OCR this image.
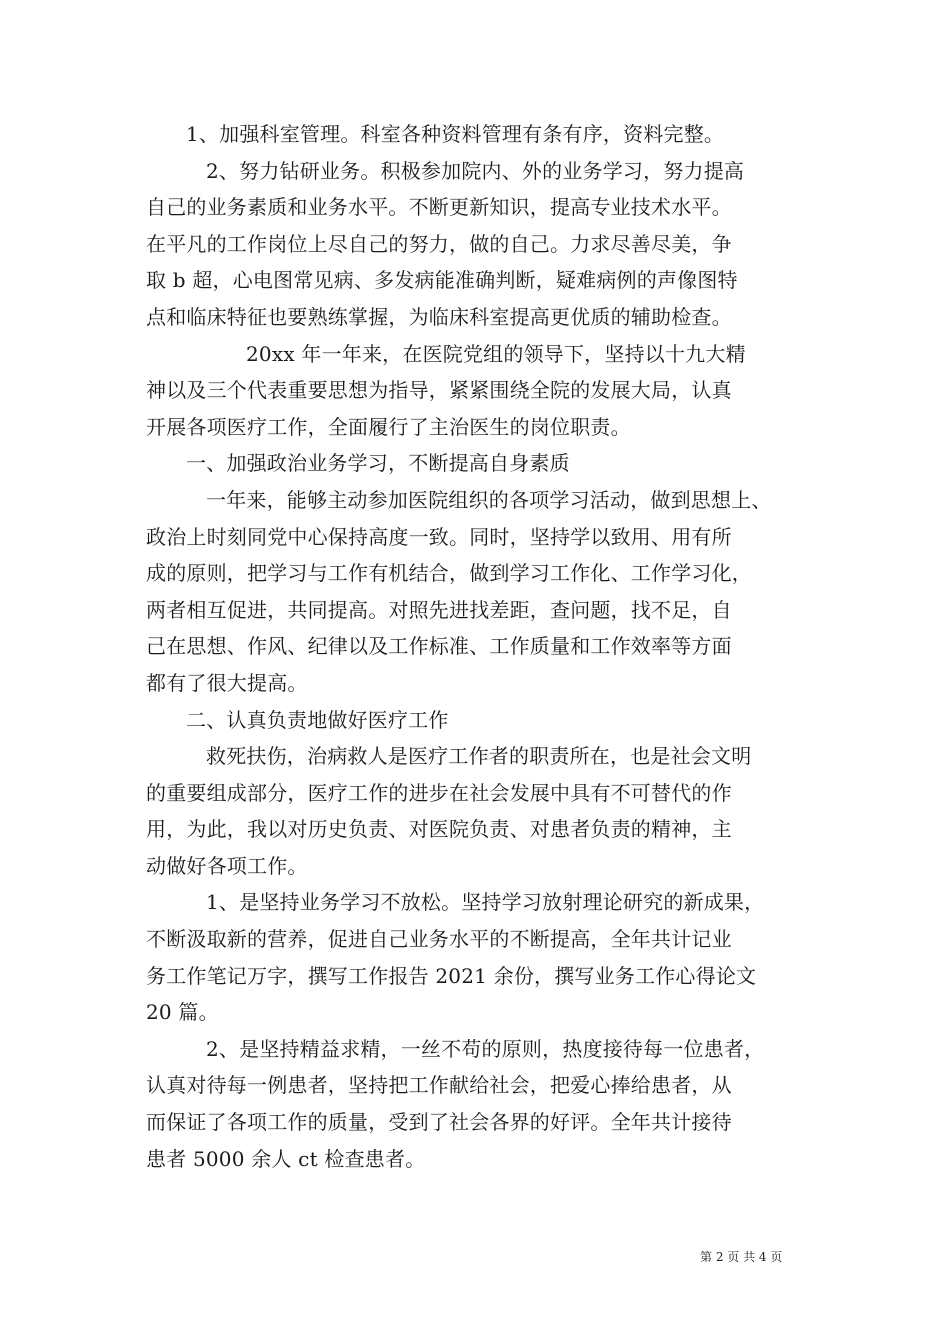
1、加强科室管理。科室各种资料管理有条有序，资料完整。
2、努力钻研业务。积极参加院内、外的业务学习，努力提高
自己的业务素质和业务水平。不断更新知识，提高专业技术水平。
在平凡的工作岗位上尽自己的努力，做的自己。力求尽善尽美，争
取 b 超，心电图常见病、多发病能准确判断，疑难病例的声像图特
点和临床特征也要熟练掌握，为临床科室提高更优质的辅助检查。
20xx 年一年来，在医院党组的领导下，坚持以十九大精
神以及三个代表重要思想为指导，紧紧围绕全院的发展大局，认真
开展各项医疗工作，全面履行了主治医生的岗位职责。
一、加强政治业务学习，不断提高自身素质
一年来，能够主动参加医院组织的各项学习活动，做到思想上、
政治上时刻同党中心保持高度一致。同时，坚持学以致用、用有所
成的原则，把学习与工作有机结合，做到学习工作化、工作学习化，
两者相互促进，共同提高。对照先进找差距，查问题，找不足，自
己在思想、作风、纪律以及工作标准、工作质量和工作效率等方面
都有了很大提高。
二、认真负责地做好医疗工作
救死扶伤，治病救人是医疗工作者的职责所在，也是社会文明
的重要组成部分，医疗工作的进步在社会发展中具有不可替代的作
用，为此，我以对历史负责、对医院负责、对患者负责的精神，主
动做好各项工作。
1、是坚持业务学习不放松。坚持学习放射理论研究的新成果，
不断汲取新的营养，促进自己业务水平的不断提高，全年共计记业
务工作笔记万字，撰写工作报告 2021 余份，撰写业务工作心得论文
20 篇。
2、是坚持精益求精，一丝不苟的原则，热度接待每一位患者，
认真对待每一例患者，坚持把工作献给社会，把爱心捧给患者，从
而保证了各项工作的质量，受到了社会各界的好评。全年共计接待
患者 5000 余人 ct 检查患者。
第 2 页 共 4 页
